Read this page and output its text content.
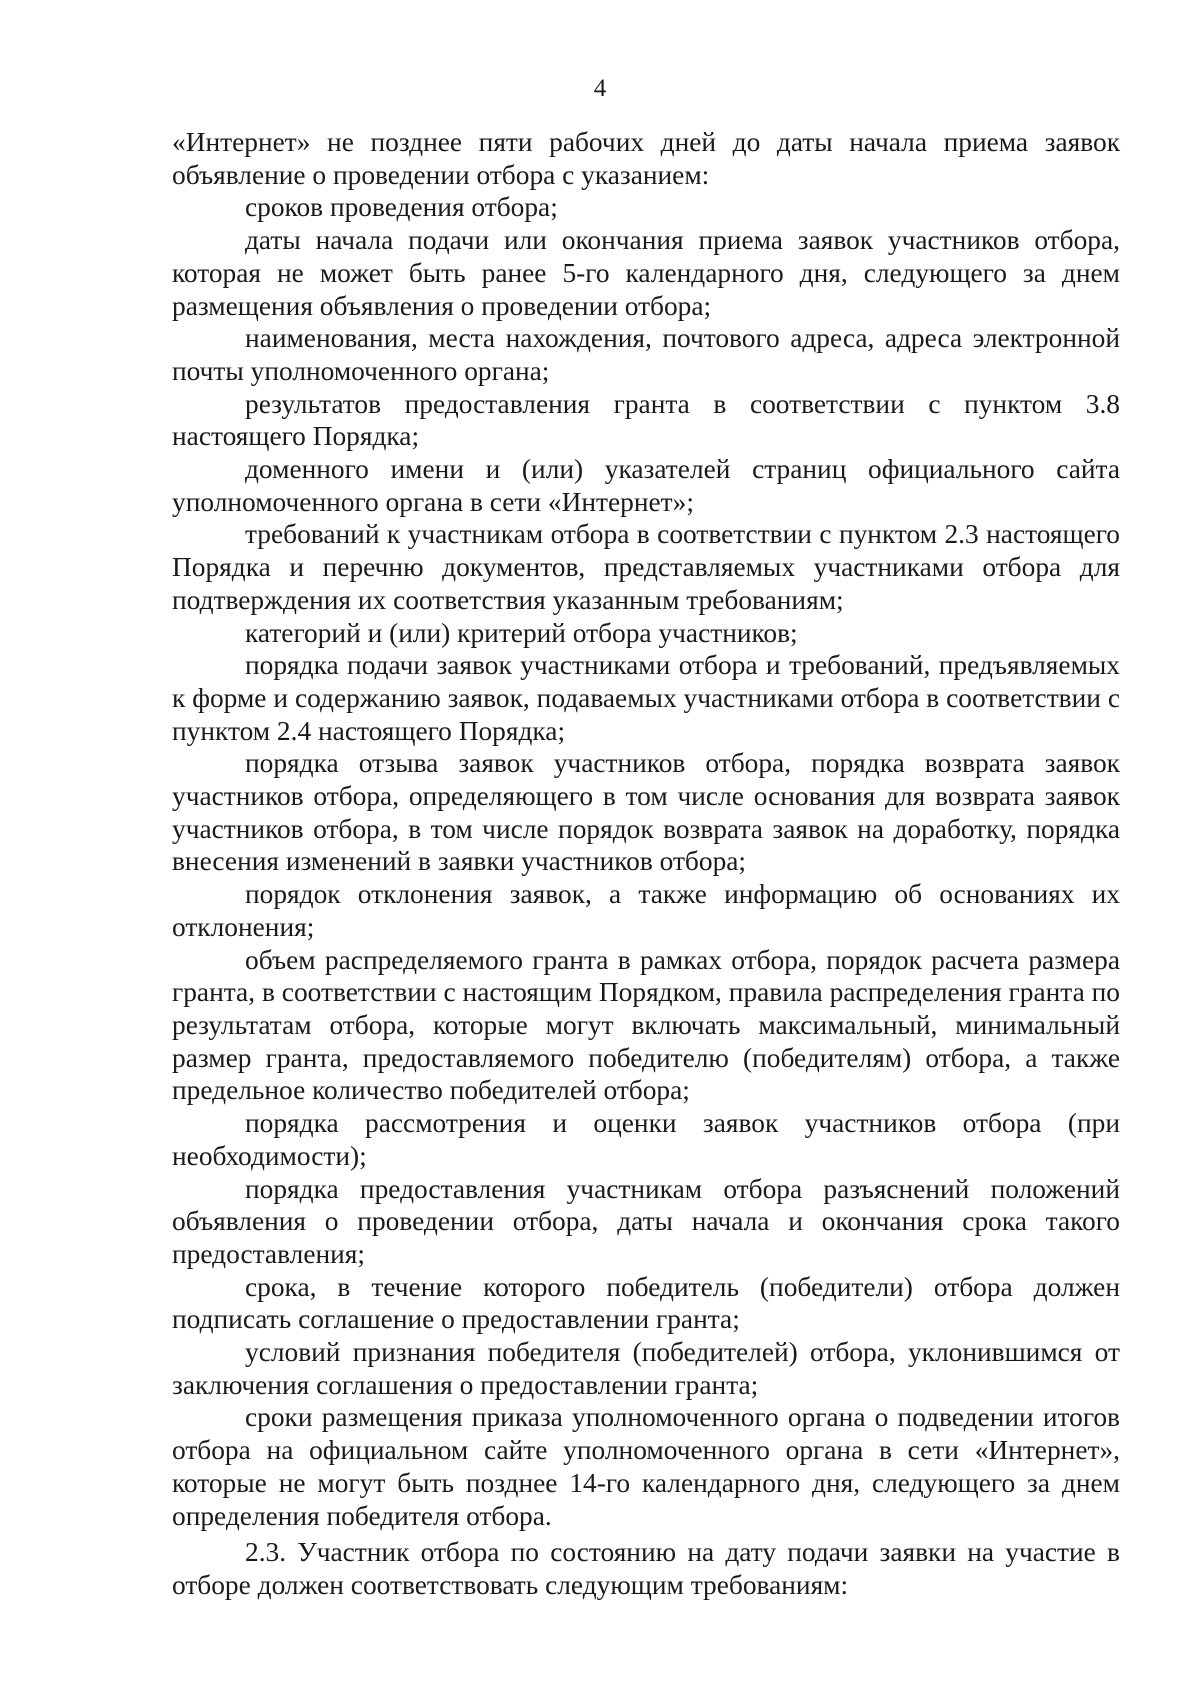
4

«Интернет» не позднее пяти рабочих дней до даты начала приема заявок объявление о проведении отбора с указанием:

сроков проведения отбора;

даты начала подачи или окончания приема заявок участников отбора, которая не может быть ранее 5-го календарного дня, следующего за днем размещения объявления о проведении отбора;

наименования, места нахождения, почтового адреса, адреса электронной почты уполномоченного органа;

результатов предоставления гранта в соответствии с пунктом 3.8 настоящего Порядка;

доменного имени и (или) указателей страниц официального сайта уполномоченного органа в сети «Интернет»;

требований к участникам отбора в соответствии с пунктом 2.3 настоящего Порядка и перечню документов, представляемых участниками отбора для подтверждения их соответствия указанным требованиям;

категорий и (или) критерий отбора участников;

порядка подачи заявок участниками отбора и требований, предъявляемых к форме и содержанию заявок, подаваемых участниками отбора в соответствии с пунктом 2.4 настоящего Порядка;

порядка отзыва заявок участников отбора, порядка возврата заявок участников отбора, определяющего в том числе основания для возврата заявок участников отбора, в том числе порядок возврата заявок на доработку, порядка внесения изменений в заявки участников отбора;

порядок отклонения заявок, а также информацию об основаниях их отклонения;

объем распределяемого гранта в рамках отбора, порядок расчета размера гранта, в соответствии с настоящим Порядком, правила распределения гранта по результатам отбора, которые могут включать максимальный, минимальный размер гранта, предоставляемого победителю (победителям) отбора, а также предельное количество победителей отбора;

порядка рассмотрения и оценки заявок участников отбора (при необходимости);

порядка предоставления участникам отбора разъяснений положений объявления о проведении отбора, даты начала и окончания срока такого предоставления;

срока, в течение которого победитель (победители) отбора должен подписать соглашение о предоставлении гранта;

условий признания победителя (победителей) отбора, уклонившимся от заключения соглашения о предоставлении гранта;

сроки размещения приказа уполномоченного органа о подведении итогов отбора на официальном сайте уполномоченного органа в сети «Интернет», которые не могут быть позднее 14-го календарного дня, следующего за днем определения победителя отбора.

2.3. Участник отбора по состоянию на дату подачи заявки на участие в отборе должен соответствовать следующим требованиям:
